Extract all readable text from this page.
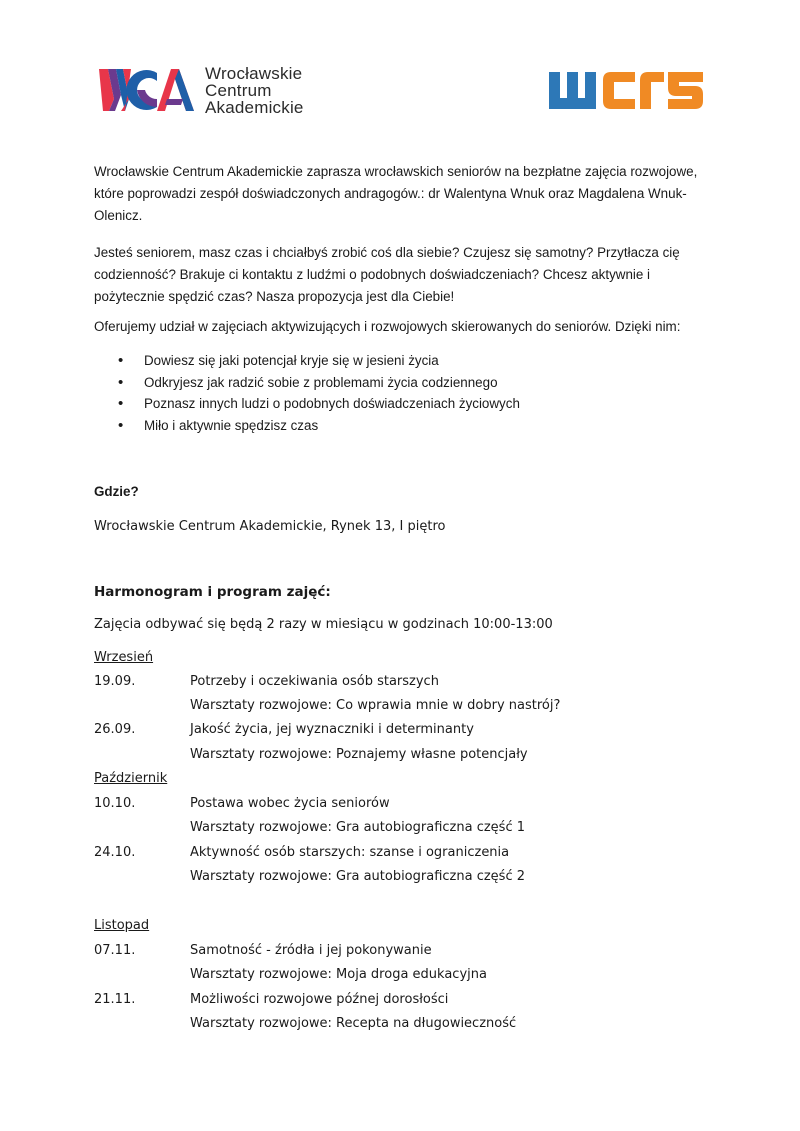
Wrocławskie
Centrum
Akademickie

Wrocławskie Centrum Akademickie zaprasza wrocławskich seniorów na bezpłatne zajęcia rozwojowe, które poprowadzi zespół doświadczonych andragogów.: dr Walentyna Wnuk oraz Magdalena Wnuk-Olenicz.

Jesteś seniorem, masz czas i chciałbyś zrobić coś dla siebie? Czujesz się samotny? Przytłacza cię codzienność? Brakuje ci kontaktu z ludźmi o podobnych doświadczeniach? Chcesz aktywnie i pożytecznie spędzić czas? Nasza propozycja jest dla Ciebie!

Oferujemy udział w zajęciach aktywizujących i rozwojowych skierowanych do seniorów. Dzięki nim:

• Dowiesz się jaki potencjał kryje się w jesieni życia
• Odkryjesz jak radzić sobie z problemami życia codziennego
• Poznasz innych ludzi o podobnych doświadczeniach życiowych
• Miło i aktywnie spędzisz czas
Gdzie?
Wrocławskie Centrum Akademickie, Rynek 13, I piętro
Harmonogram i program zajęć:
Zajęcia odbywać się będą 2 razy w miesiącu w godzinach 10:00-13:00
Wrzesień
19.09.	Potrzeby i oczekiwania osób starszych
Warsztaty rozwojowe: Co wprawia mnie w dobry nastrój?
26.09.	Jakość życia, jej wyznaczniki i determinanty
Warsztaty rozwojowe: Poznajemy własne potencjały
Październik
10.10.	Postawa wobec życia seniorów
Warsztaty rozwojowe: Gra autobiograficzna część 1
24.10.	Aktywność osób starszych: szanse i ograniczenia
Warsztaty rozwojowe: Gra autobiograficzna część 2
Listopad
07.11.	Samotność - źródła i jej pokonywanie
Warsztaty rozwojowe: Moja droga edukacyjna
21.11.	Możliwości rozwojowe późnej dorosłości
Warsztaty rozwojowe: Recepta na długowieczność
